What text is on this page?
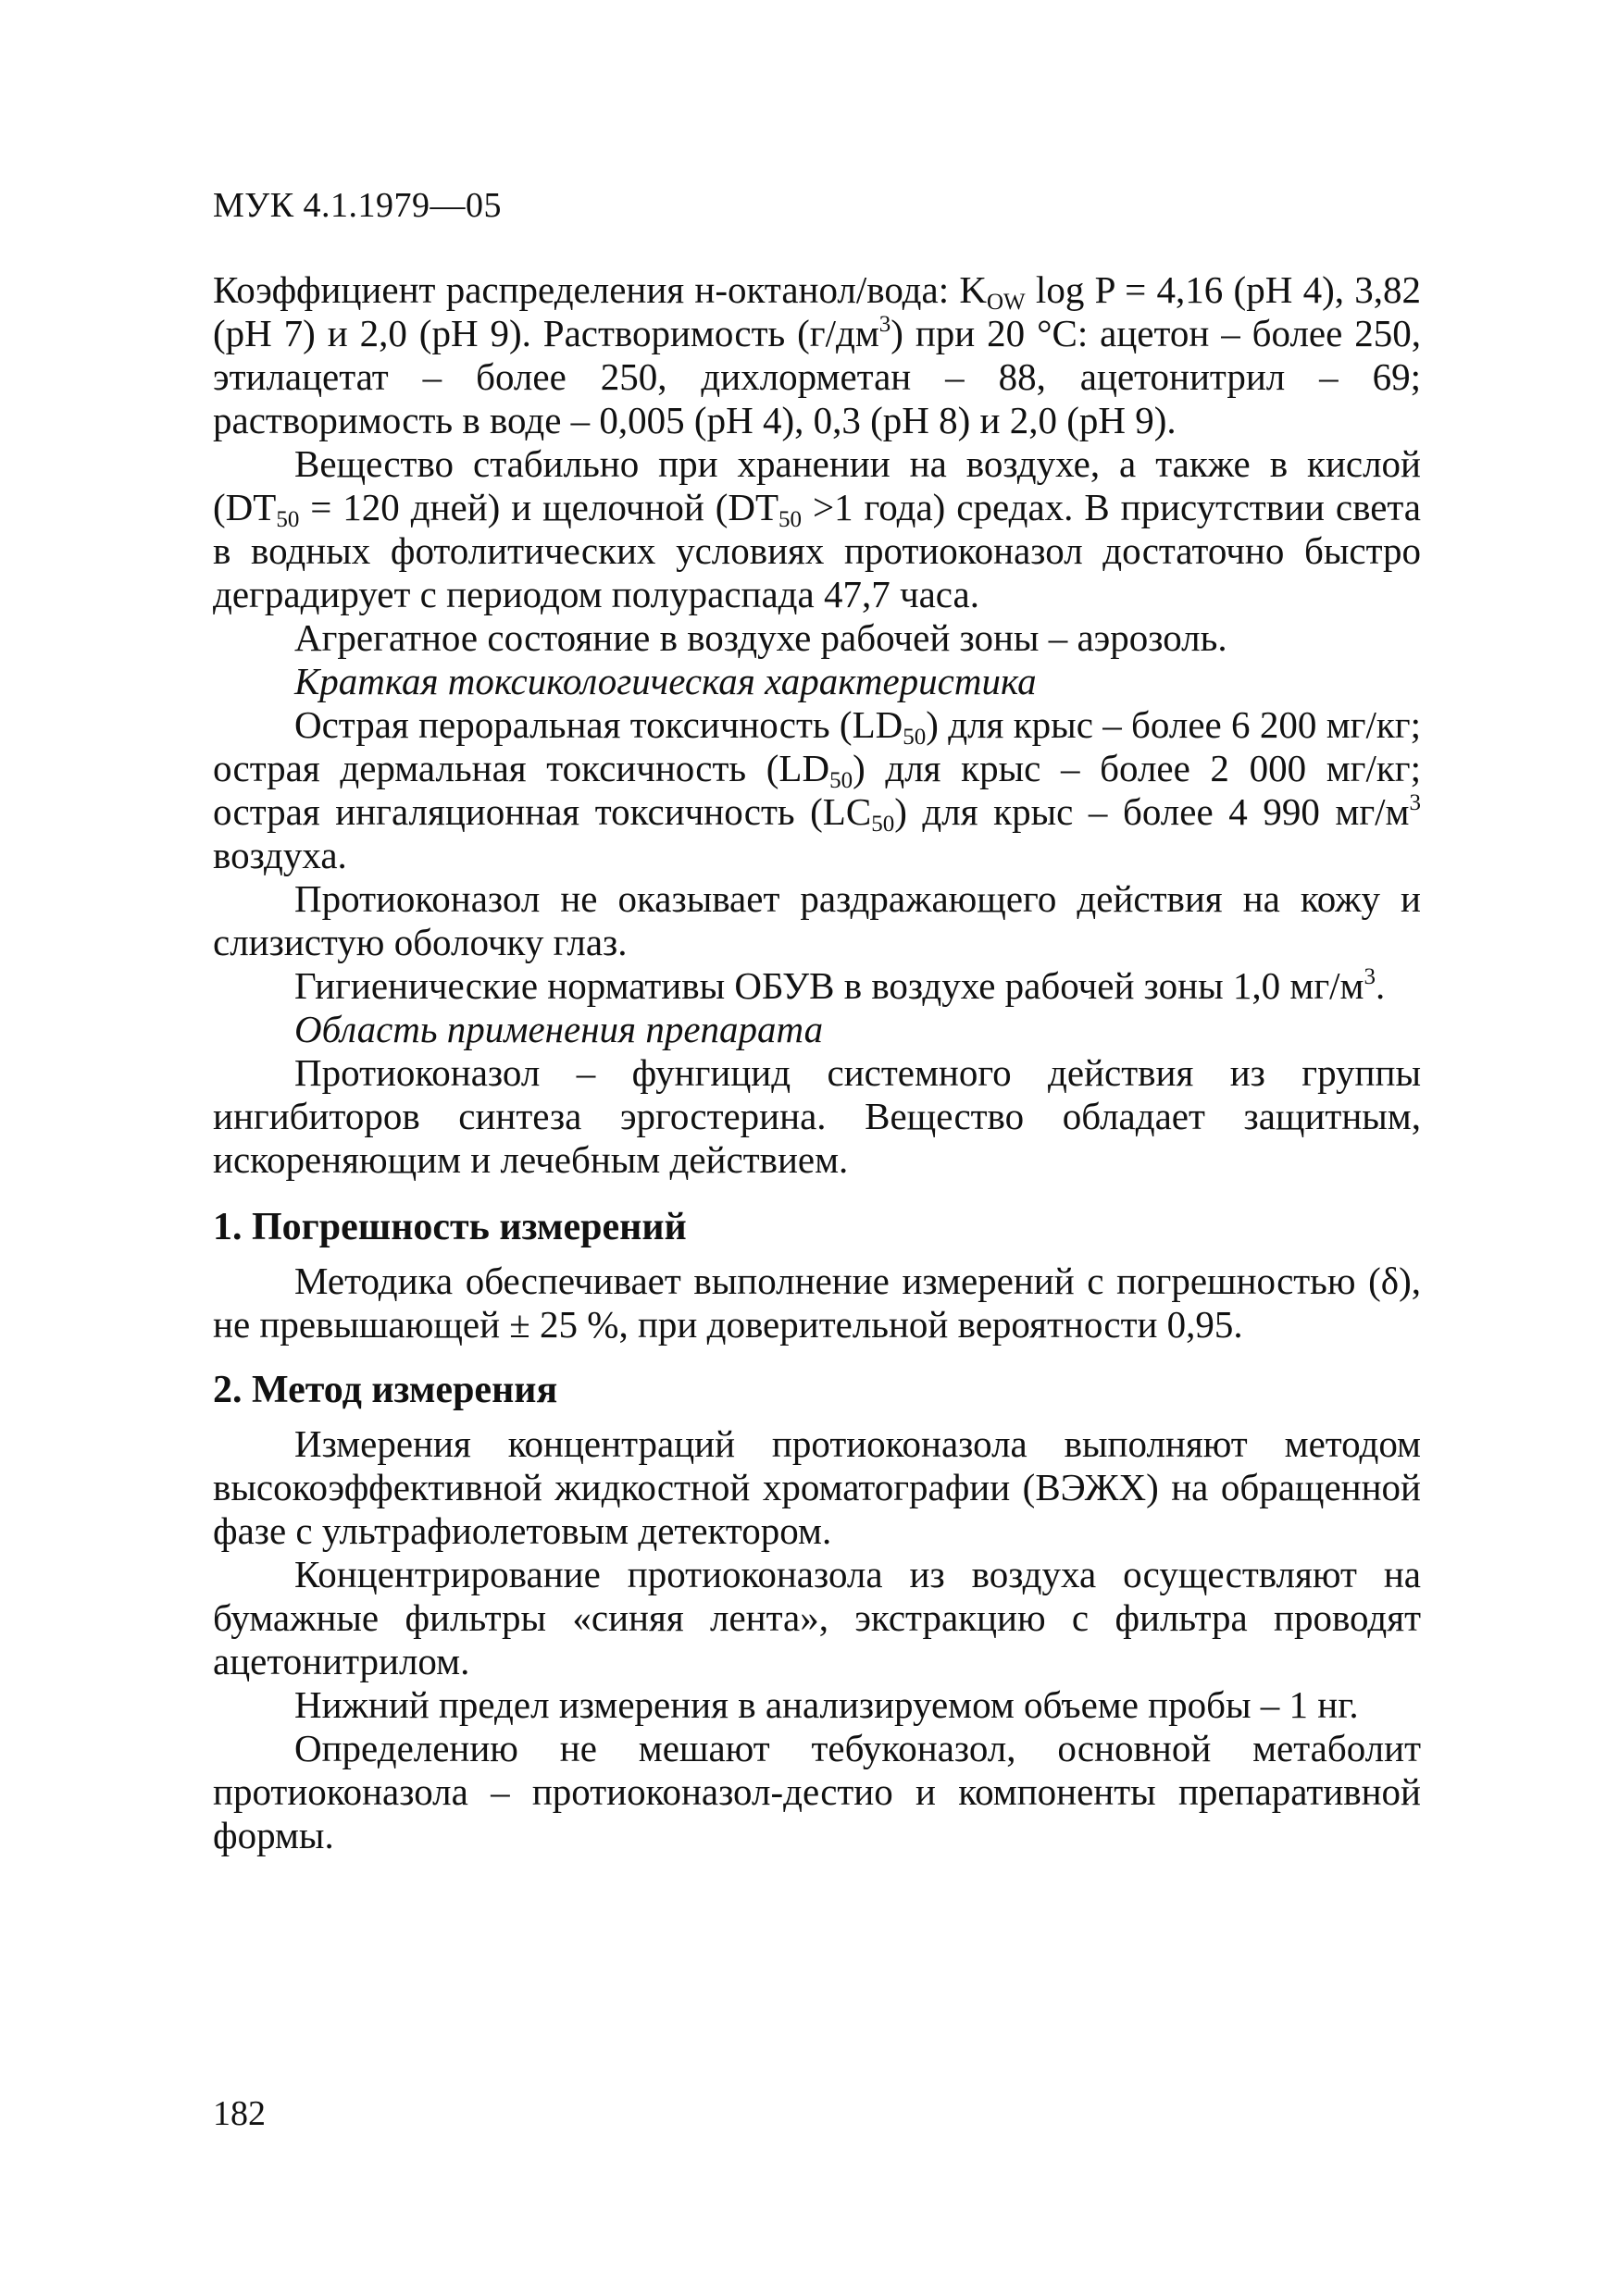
МУК 4.1.1979—05

Коэффициент распределения н-октанол/вода: $K_{OW}$ log P = 4,16 (pH 4), 3,82 (pH 7) и 2,0 (pH 9). Растворимость $(г/дм^3)$ при 20 °С: ацетон – более 250, этилацетат – более 250, дихлорметан – 88, ацетонитрил – 69; растворимость в воде – 0,005 (pH 4), 0,3 (pH 8) и 2,0 (pH 9).

Вещество стабильно при хранении на воздухе, а также в кислой ($DT_{50} = 120$ дней) и щелочной ($DT_{50} >1$ года) средах. В присутствии света в водных фотолитических условиях протиоконазол достаточно быстро деградирует с периодом полураспада 47,7 часа.

Агрегатное состояние в воздухе рабочей зоны – аэрозоль.

Краткая токсикологическая характеристика

Острая пероральная токсичность $(LD_{50})$ для крыс – более 6 200 мг/кг; острая дермальная токсичность $(LD_{50})$ для крыс – более 2 000 мг/кг; острая ингаляционная токсичность $(LC_{50})$ для крыс – более 4 990 $мг/м^3$ воздуха.

Протиоконазол не оказывает раздражающего действия на кожу и слизистую оболочку глаз.

Гигиенические нормативы ОБУВ в воздухе рабочей зоны 1,0 $мг/м^3$.

Область применения препарата

Протиоконазол – фунгицид системного действия из группы ингибиторов синтеза эргостерина. Вещество обладает защитным, искореняющим и лечебным действием.

1. Погрешность измерений

Методика обеспечивает выполнение измерений с погрешностью (δ), не превышающей ± 25 %, при доверительной вероятности 0,95.

2. Метод измерения

Измерения концентраций протиоконазола выполняют методом высокоэффективной жидкостной хроматографии (ВЭЖХ) на обращенной фазе с ультрафиолетовым детектором.

Концентрирование протиоконазола из воздуха осуществляют на бумажные фильтры «синяя лента», экстракцию с фильтра проводят ацетонитрилом.

Нижний предел измерения в анализируемом объеме пробы – 1 нг.

Определению не мешают тебуконазол, основной метаболит протиоконазола – протиоконазол-дестио и компоненты препаративной формы.

182
